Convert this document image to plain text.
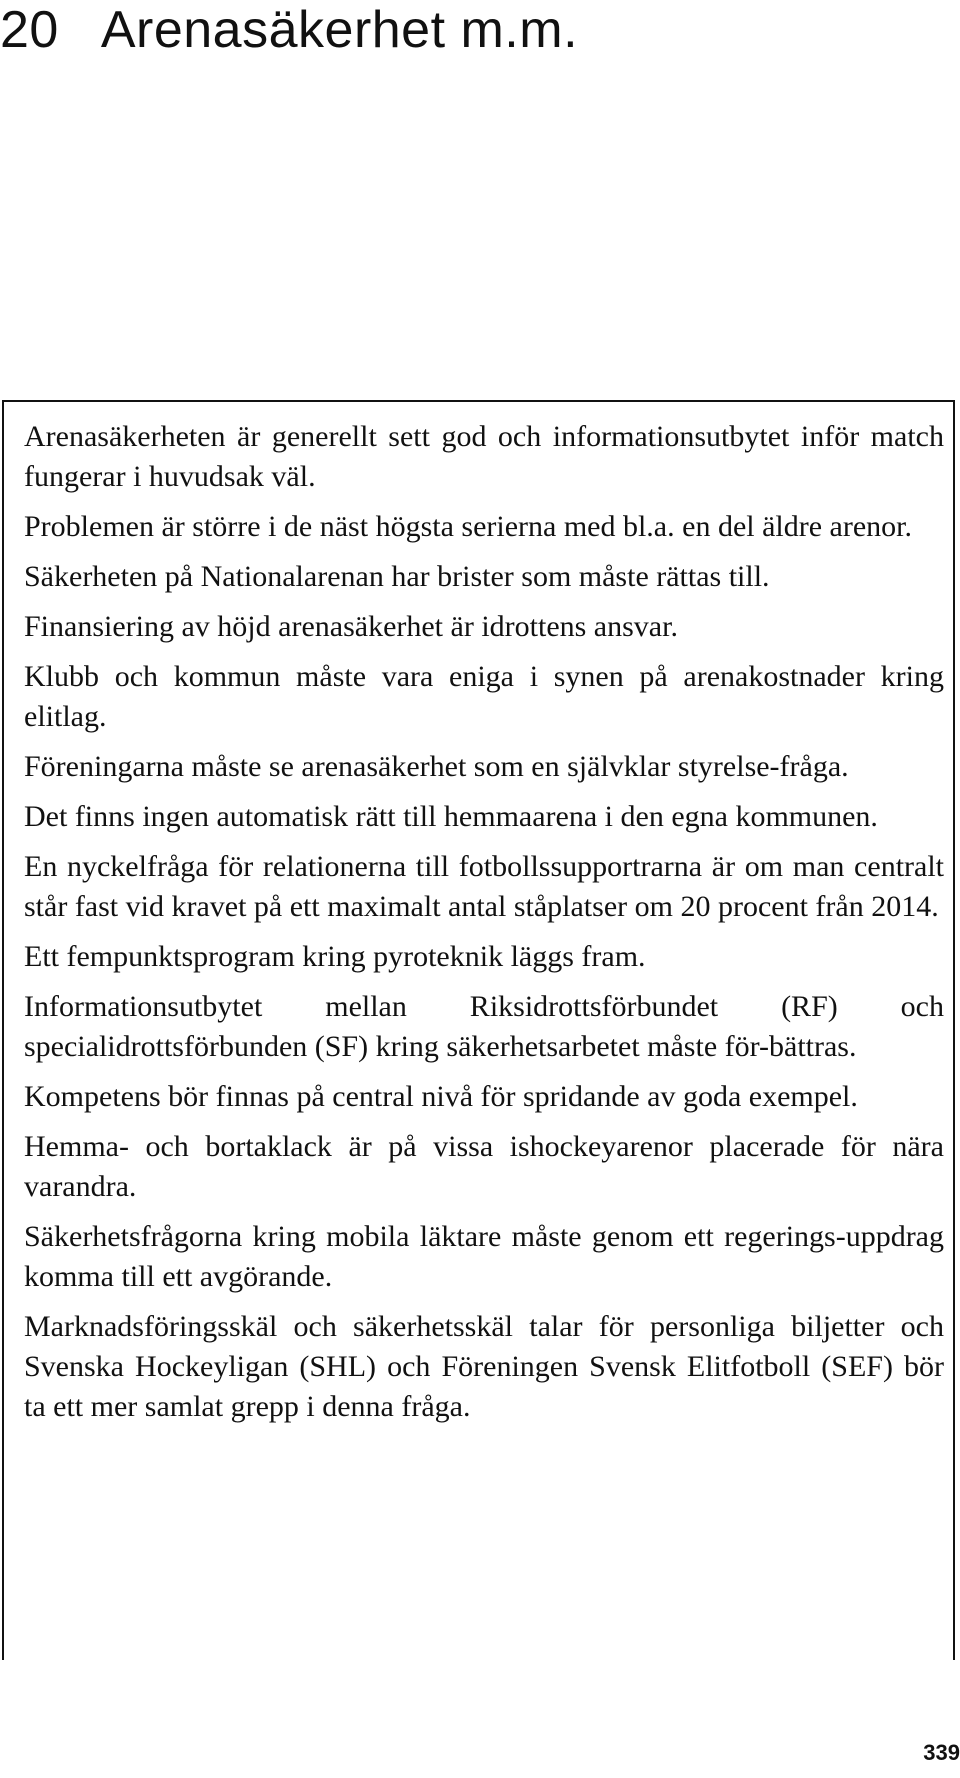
20 Arenasäkerhet m.m.
Arenasäkerheten är generellt sett god och informationsutbytet inför match fungerar i huvudsak väl.
Problemen är större i de näst högsta serierna med bl.a. en del äldre arenor.
Säkerheten på Nationalarenan har brister som måste rättas till.
Finansiering av höjd arenasäkerhet är idrottens ansvar.
Klubb och kommun måste vara eniga i synen på arenakostnader kring elitlag.
Föreningarna måste se arenasäkerhet som en självklar styrelse-fråga.
Det finns ingen automatisk rätt till hemmaarena i den egna kommunen.
En nyckelfråga för relationerna till fotbollssupportrarna är om man centralt står fast vid kravet på ett maximalt antal ståplatser om 20 procent från 2014.
Ett fempunktsprogram kring pyroteknik läggs fram.
Informationsutbytet mellan Riksidrottsförbundet (RF) och specialidrottsförbunden (SF) kring säkerhetsarbetet måste för-bättras.
Kompetens bör finnas på central nivå för spridande av goda exempel.
Hemma- och bortaklack är på vissa ishockeyarenor placerade för nära varandra.
Säkerhetsfrågorna kring mobila läktare måste genom ett regerings-uppdrag komma till ett avgörande.
Marknadsföringsskäl och säkerhetsskäl talar för personliga biljetter och Svenska Hockeyligan (SHL) och Föreningen Svensk Elitfotboll (SEF) bör ta ett mer samlat grepp i denna fråga.
339
